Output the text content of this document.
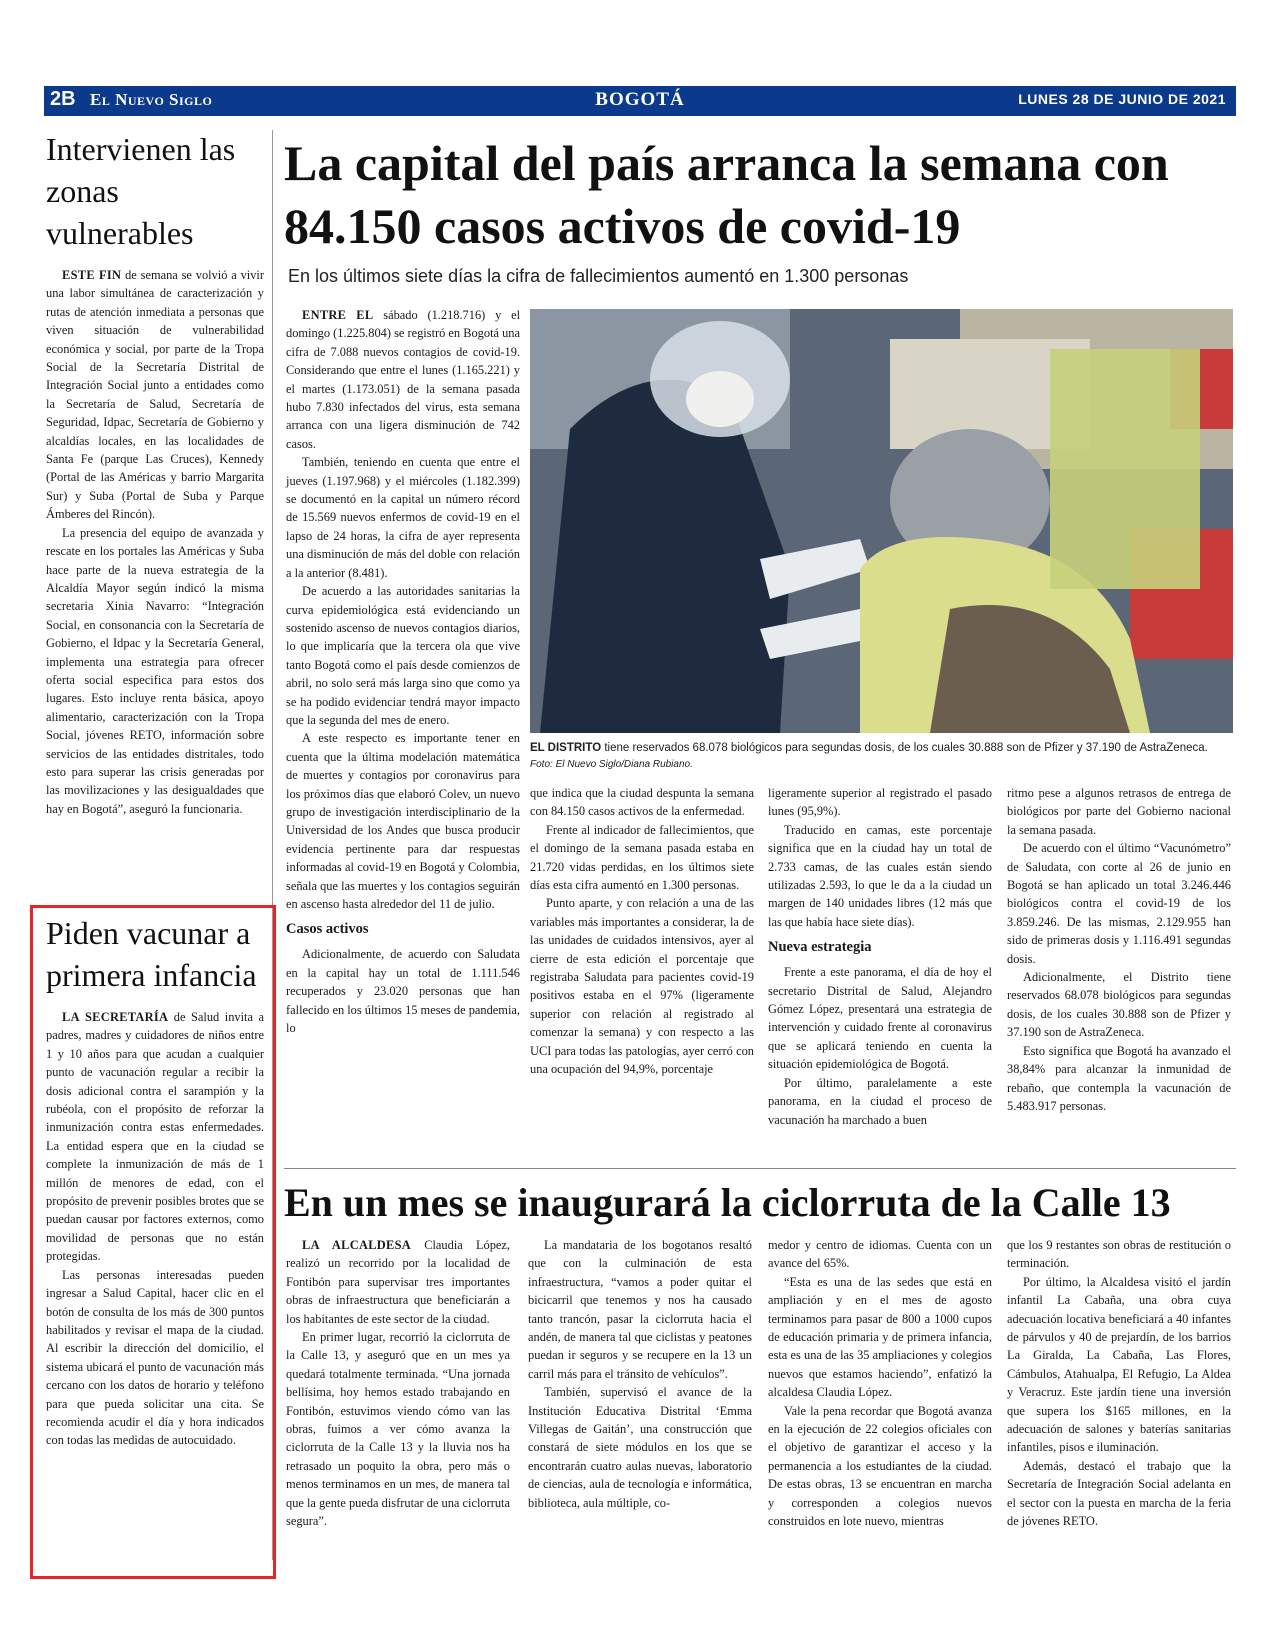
2B El Nuevo Siglo	BOGOTÁ	LUNES 28 DE JUNIO DE 2021
Intervienen las zonas vulnerables

ESTE FIN de semana se volvió a vivir una labor simultánea de caracterización y rutas de atención inmediata a personas que viven situación de vulnerabilidad económica y social, por parte de la Tropa Social de la Secretaría Distrital de Integración Social junto a entidades como la Secretaría de Salud, Secretaría de Seguridad, Idpac, Secretaría de Gobierno y alcaldías locales, en las localidades de Santa Fe (parque Las Cruces), Kennedy (Portal de las Américas y barrio Margarita Sur) y Suba (Portal de Suba y Parque Ámberes del Rincón).

La presencia del equipo de avanzada y rescate en los portales las Américas y Suba hace parte de la nueva estrategia de la Alcaldía Mayor según indicó la misma secretaria Xinia Navarro: “Integración Social, en consonancia con la Secretaría de Gobierno, el Idpac y la Secretaría General, implementa una estrategia para ofrecer oferta social especifica para estos dos lugares. Esto incluye renta básica, apoyo alimentario, caracterización con la Tropa Social, jóvenes RETO, información sobre servicios de las entidades distritales, todo esto para superar las crisis generadas por las movilizaciones y las desigualdades que hay en Bogotá”, aseguró la funcionaria.

Piden vacunar a primera infancia

LA SECRETARÍA de Salud invita a padres, madres y cuidadores de niños entre 1 y 10 años para que acudan a cualquier punto de vacunación regular a recibir la dosis adicional contra el sarampión y la rubéola, con el propósito de reforzar la inmunización contra estas enfermedades. La entidad espera que en la ciudad se complete la inmunización de más de 1 millón de menores de edad, con el propósito de prevenir posibles brotes que se puedan causar por factores externos, como movilidad de personas que no están protegidas.

Las personas interesadas pueden ingresar a Salud Capital, hacer clic en el botón de consulta de los más de 300 puntos habilitados y revisar el mapa de la ciudad. Al escribir la dirección del domicilio, el sistema ubicará el punto de vacunación más cercano con los datos de horario y teléfono para que pueda solicitar una cita. Se recomienda acudir el día y hora indicados con todas las medidas de autocuidado.

La capital del país arranca la semana con 84.150 casos activos de covid-19
En los últimos siete días la cifra de fallecimientos aumentó en 1.300 personas

ENTRE EL sábado (1.218.716) y el domingo (1.225.804) se registró en Bogotá una cifra de 7.088 nuevos contagios de covid-19. Considerando que entre el lunes (1.165.221) y el martes (1.173.051) de la semana pasada hubo 7.830 infectados del virus, esta semana arranca con una ligera disminución de 742 casos.

También, teniendo en cuenta que entre el jueves (1.197.968) y el miércoles (1.182.399) se documentó en la capital un número récord de 15.569 nuevos enfermos de covid-19 en el lapso de 24 horas, la cifra de ayer representa una disminución de más del doble con relación a la anterior (8.481).

De acuerdo a las autoridades sanitarias la curva epidemiológica está evidenciando un sostenido ascenso de nuevos contagios diarios, lo que implicaría que la tercera ola que vive tanto Bogotá como el país desde comienzos de abril, no solo será más larga sino que como ya se ha podido evidenciar tendrá mayor impacto que la segunda del mes de enero.

A este respecto es importante tener en cuenta que la última modelación matemática de muertes y contagios por coronavirus para los próximos días que elaboró Colev, un nuevo grupo de investigación interdisciplinario de la Universidad de los Andes que busca producir evidencia pertinente para dar respuestas informadas al covid-19 en Bogotá y Colombia, señala que las muertes y los contagios seguirán en ascenso hasta alrededor del 11 de julio.

Casos activos

Adicionalmente, de acuerdo con Saludata en la capital hay un total de 1.111.546 recuperados y 23.020 personas que han fallecido en los últimos 15 meses de pandemia, lo

EL DISTRITO tiene reservados 68.078 biológicos para segundas dosis, de los cuales 30.888 son de Pfizer y 37.190 de AstraZeneca. Foto: El Nuevo Siglo/Diana Rubiano.

que indica que la ciudad despunta la semana con 84.150 casos activos de la enfermedad.

Frente al indicador de fallecimientos, que el domingo de la semana pasada estaba en 21.720 vidas perdidas, en los últimos siete días esta cifra aumentó en 1.300 personas.

Punto aparte, y con relación a una de las variables más importantes a considerar, la de las unidades de cuidados intensivos, ayer al cierre de esta edición el porcentaje que registraba Saludata para pacientes covid-19 positivos estaba en el 97% (ligeramente superior con relación al registrado al comenzar la semana) y con respecto a las UCI para todas las patologías, ayer cerró con una ocupación del 94,9%, porcentaje

ligeramente superior al registrado el pasado lunes (95,9%).

Traducido en camas, este porcentaje significa que en la ciudad hay un total de 2.733 camas, de las cuales están siendo utilizadas 2.593, lo que le da a la ciudad un margen de 140 unidades libres (12 más que las que había hace siete días).

Nueva estrategia

Frente a este panorama, el día de hoy el secretario Distrital de Salud, Alejandro Gómez López, presentará una estrategia de intervención y cuidado frente al coronavirus que se aplicará teniendo en cuenta la situación epidemiológica de Bogotá.

Por último, paralelamente a este panorama, en la ciudad el proceso de vacunación ha marchado a buen

ritmo pese a algunos retrasos de entrega de biológicos por parte del Gobierno nacional la semana pasada.

De acuerdo con el último “Vacunómetro” de Saludata, con corte al 26 de junio en Bogotá se han aplicado un total 3.246.446 biológicos contra el covid-19 de los 3.859.246. De las mismas, 2.129.955 han sido de primeras dosis y 1.116.491 segundas dosis.

Adicionalmente, el Distrito tiene reservados 68.078 biológicos para segundas dosis, de los cuales 30.888 son de Pfizer y 37.190 son de AstraZeneca.

Esto significa que Bogotá ha avanzado el 38,84% para alcanzar la inmunidad de rebaño, que contempla la vacunación de 5.483.917 personas.

En un mes se inaugurará la ciclorruta de la Calle 13

LA ALCALDESA Claudia López, realizó un recorrido por la localidad de Fontibón para supervisar tres importantes obras de infraestructura que beneficiarán a los habitantes de este sector de la ciudad.

En primer lugar, recorrió la ciclorruta de la Calle 13, y aseguró que en un mes ya quedará totalmente terminada. “Una jornada bellísima, hoy hemos estado trabajando en Fontibón, estuvimos viendo cómo van las obras, fuimos a ver cómo avanza la ciclorruta de la Calle 13 y la lluvia nos ha retrasado un poquito la obra, pero más o menos terminamos en un mes, de manera tal que la gente pueda disfrutar de una ciclorruta segura”.

La mandataria de los bogotanos resaltó que con la culminación de esta infraestructura, “vamos a poder quitar el bicicarril que tenemos y nos ha causado tanto trancón, pasar la ciclorruta hacia el andén, de manera tal que ciclistas y peatones puedan ir seguros y se recupere en la 13 un carril más para el tránsito de vehículos”.

También, supervisó el avance de la Institución Educativa Distrital ‘Emma Villegas de Gaitán’, una construcción que constará de siete módulos en los que se encontrarán cuatro aulas nuevas, laboratorio de ciencias, aula de tecnología e informática, biblioteca, aula múltiple, co-

medor y centro de idiomas. Cuenta con un avance del 65%.

“Esta es una de las sedes que está en ampliación y en el mes de agosto terminamos para pasar de 800 a 1000 cupos de educación primaria y de primera infancia, esta es una de las 35 ampliaciones y colegios nuevos que estamos haciendo”, enfatizó la alcaldesa Claudia López.

Vale la pena recordar que Bogotá avanza en la ejecución de 22 colegios oficiales con el objetivo de garantizar el acceso y la permanencia a los estudiantes de la ciudad. De estas obras, 13 se encuentran en marcha y corresponden a colegios nuevos construidos en lote nuevo, mientras

que los 9 restantes son obras de restitución o terminación.

Por último, la Alcaldesa visitó el jardín infantil La Cabaña, una obra cuya adecuación locativa beneficiará a 40 infantes de párvulos y 40 de prejardín, de los barrios La Giralda, La Cabaña, Las Flores, Cámbulos, Atahualpa, El Refugio, La Aldea y Veracruz. Este jardín tiene una inversión que supera los $165 millones, en la adecuación de salones y baterías sanitarias infantiles, pisos e iluminación.

Además, destacó el trabajo que la Secretaría de Integración Social adelanta en el sector con la puesta en marcha de la feria de jóvenes RETO.
